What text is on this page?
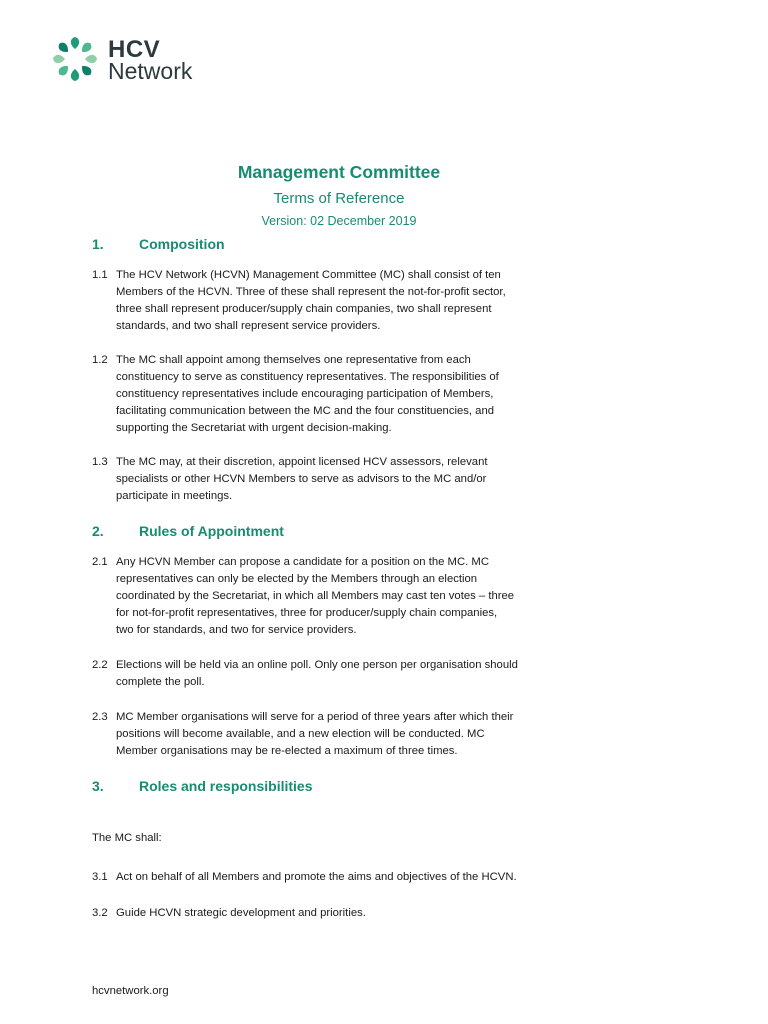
HCV
Network
Management Committee
Terms of Reference
Version: 02 December 2019
1.	Composition
1.1 The HCV Network (HCVN) Management Committee (MC) shall consist of ten
Members of the HCVN. Three of these shall represent the not-for-profit sector,
three shall represent producer/supply chain companies, two shall represent
standards, and two shall represent service providers.
1.2 The MC shall appoint among themselves one representative from each
constituency to serve as constituency representatives. The responsibilities of
constituency representatives include encouraging participation of Members,
facilitating communication between the MC and the four constituencies, and
supporting the Secretariat with urgent decision-making.
1.3 The MC may, at their discretion, appoint licensed HCV assessors, relevant
specialists or other HCVN Members to serve as advisors to the MC and/or
participate in meetings.
2.	Rules of Appointment
2.1 Any HCVN Member can propose a candidate for a position on the MC. MC
representatives can only be elected by the Members through an election
coordinated by the Secretariat, in which all Members may cast ten votes – three
for not-for-profit representatives, three for producer/supply chain companies,
two for standards, and two for service providers.
2.2 Elections will be held via an online poll. Only one person per organisation should
complete the poll.
2.3 MC Member organisations will serve for a period of three years after which their
positions will become available, and a new election will be conducted. MC
Member organisations may be re-elected a maximum of three times.
3.	Roles and responsibilities
The MC shall:
3.1 Act on behalf of all Members and promote the aims and objectives of the HCVN.
3.2 Guide HCVN strategic development and priorities.
hcvnetwork.org
